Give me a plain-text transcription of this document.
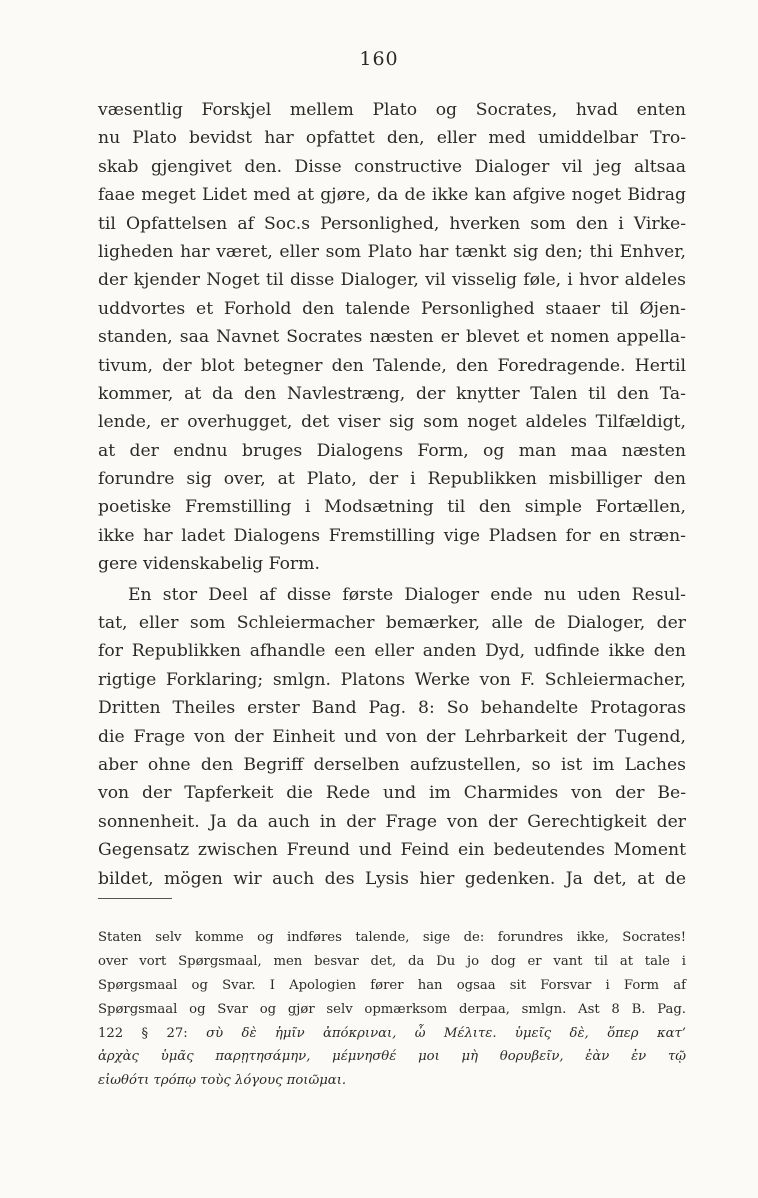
160
væsentlig Forskjel mellem Plato og Socrates, hvad enten
nu Plato bevidst har opfattet den, eller med umiddelbar Tro-
skab gjengivet den. Disse constructive Dialoger vil jeg altsaa
faae meget Lidet med at gjøre, da de ikke kan afgive noget Bidrag
til Opfattelsen af Soc.s Personlighed, hverken som den i Virke-
ligheden har været, eller som Plato har tænkt sig den; thi Enhver,
der kjender Noget til disse Dialoger, vil visselig føle, i hvor aldeles
uddvortes et Forhold den talende Personlighed staaer til Øjen-
standen, saa Navnet Socrates næsten er blevet et nomen appella-
tivum, der blot betegner den Talende, den Foredragende. Hertil
kommer, at da den Navlestræng, der knytter Talen til den Ta-
lende, er overhugget, det viser sig som noget aldeles Tilfældigt,
at der endnu bruges Dialogens Form, og man maa næsten
forundre sig over, at Plato, der i Republikken misbilliger den
poetiske Fremstilling i Modsætning til den simple Fortællen,
ikke har ladet Dialogens Fremstilling vige Pladsen for en stræn-
gere videnskabelig Form.
En stor Deel af disse første Dialoger ende nu uden Resul-
tat, eller som Schleiermacher bemærker, alle de Dialoger, der
for Republikken afhandle een eller anden Dyd, udfinde ikke den
rigtige Forklaring; smlgn. Platons Werke von F. Schleiermacher,
Dritten Theiles erster Band Pag. 8: So behandelte Protagoras
die Frage von der Einheit und von der Lehrbarkeit der Tugend,
aber ohne den Begriff derselben aufzustellen, so ist im Laches
von der Tapferkeit die Rede und im Charmides von der Be-
sonnenheit. Ja da auch in der Frage von der Gerechtigkeit der
Gegensatz zwischen Freund und Feind ein bedeutendes Moment
bildet, mögen wir auch des Lysis hier gedenken. Ja det, at de
Staten selv komme og indføres talende, sige de: forundres ikke, Socrates!
over vort Spørgsmaal, men besvar det, da Du jo dog er vant til at tale i
Spørgsmaal og Svar. I Apologien fører han ogsaa sit Forsvar i Form af
Spørgsmaal og Svar og gjør selv opmærksom derpaa, smlgn. Ast 8 B. Pag.
122 § 27: σὺ δὲ ἡμῖν ἀπόκριναι, ὦ Μέλιτε. ὑμεῖς δὲ, ὅπερ κατ’
ἀρχὰς ὑμᾶς παρῃτησάμην, μέμνησθέ μοι μὴ θορυβεῖν, ἐὰν ἐν τῷ
εἰωθότι τρόπῳ τοὺς λόγους ποιῶμαι.
